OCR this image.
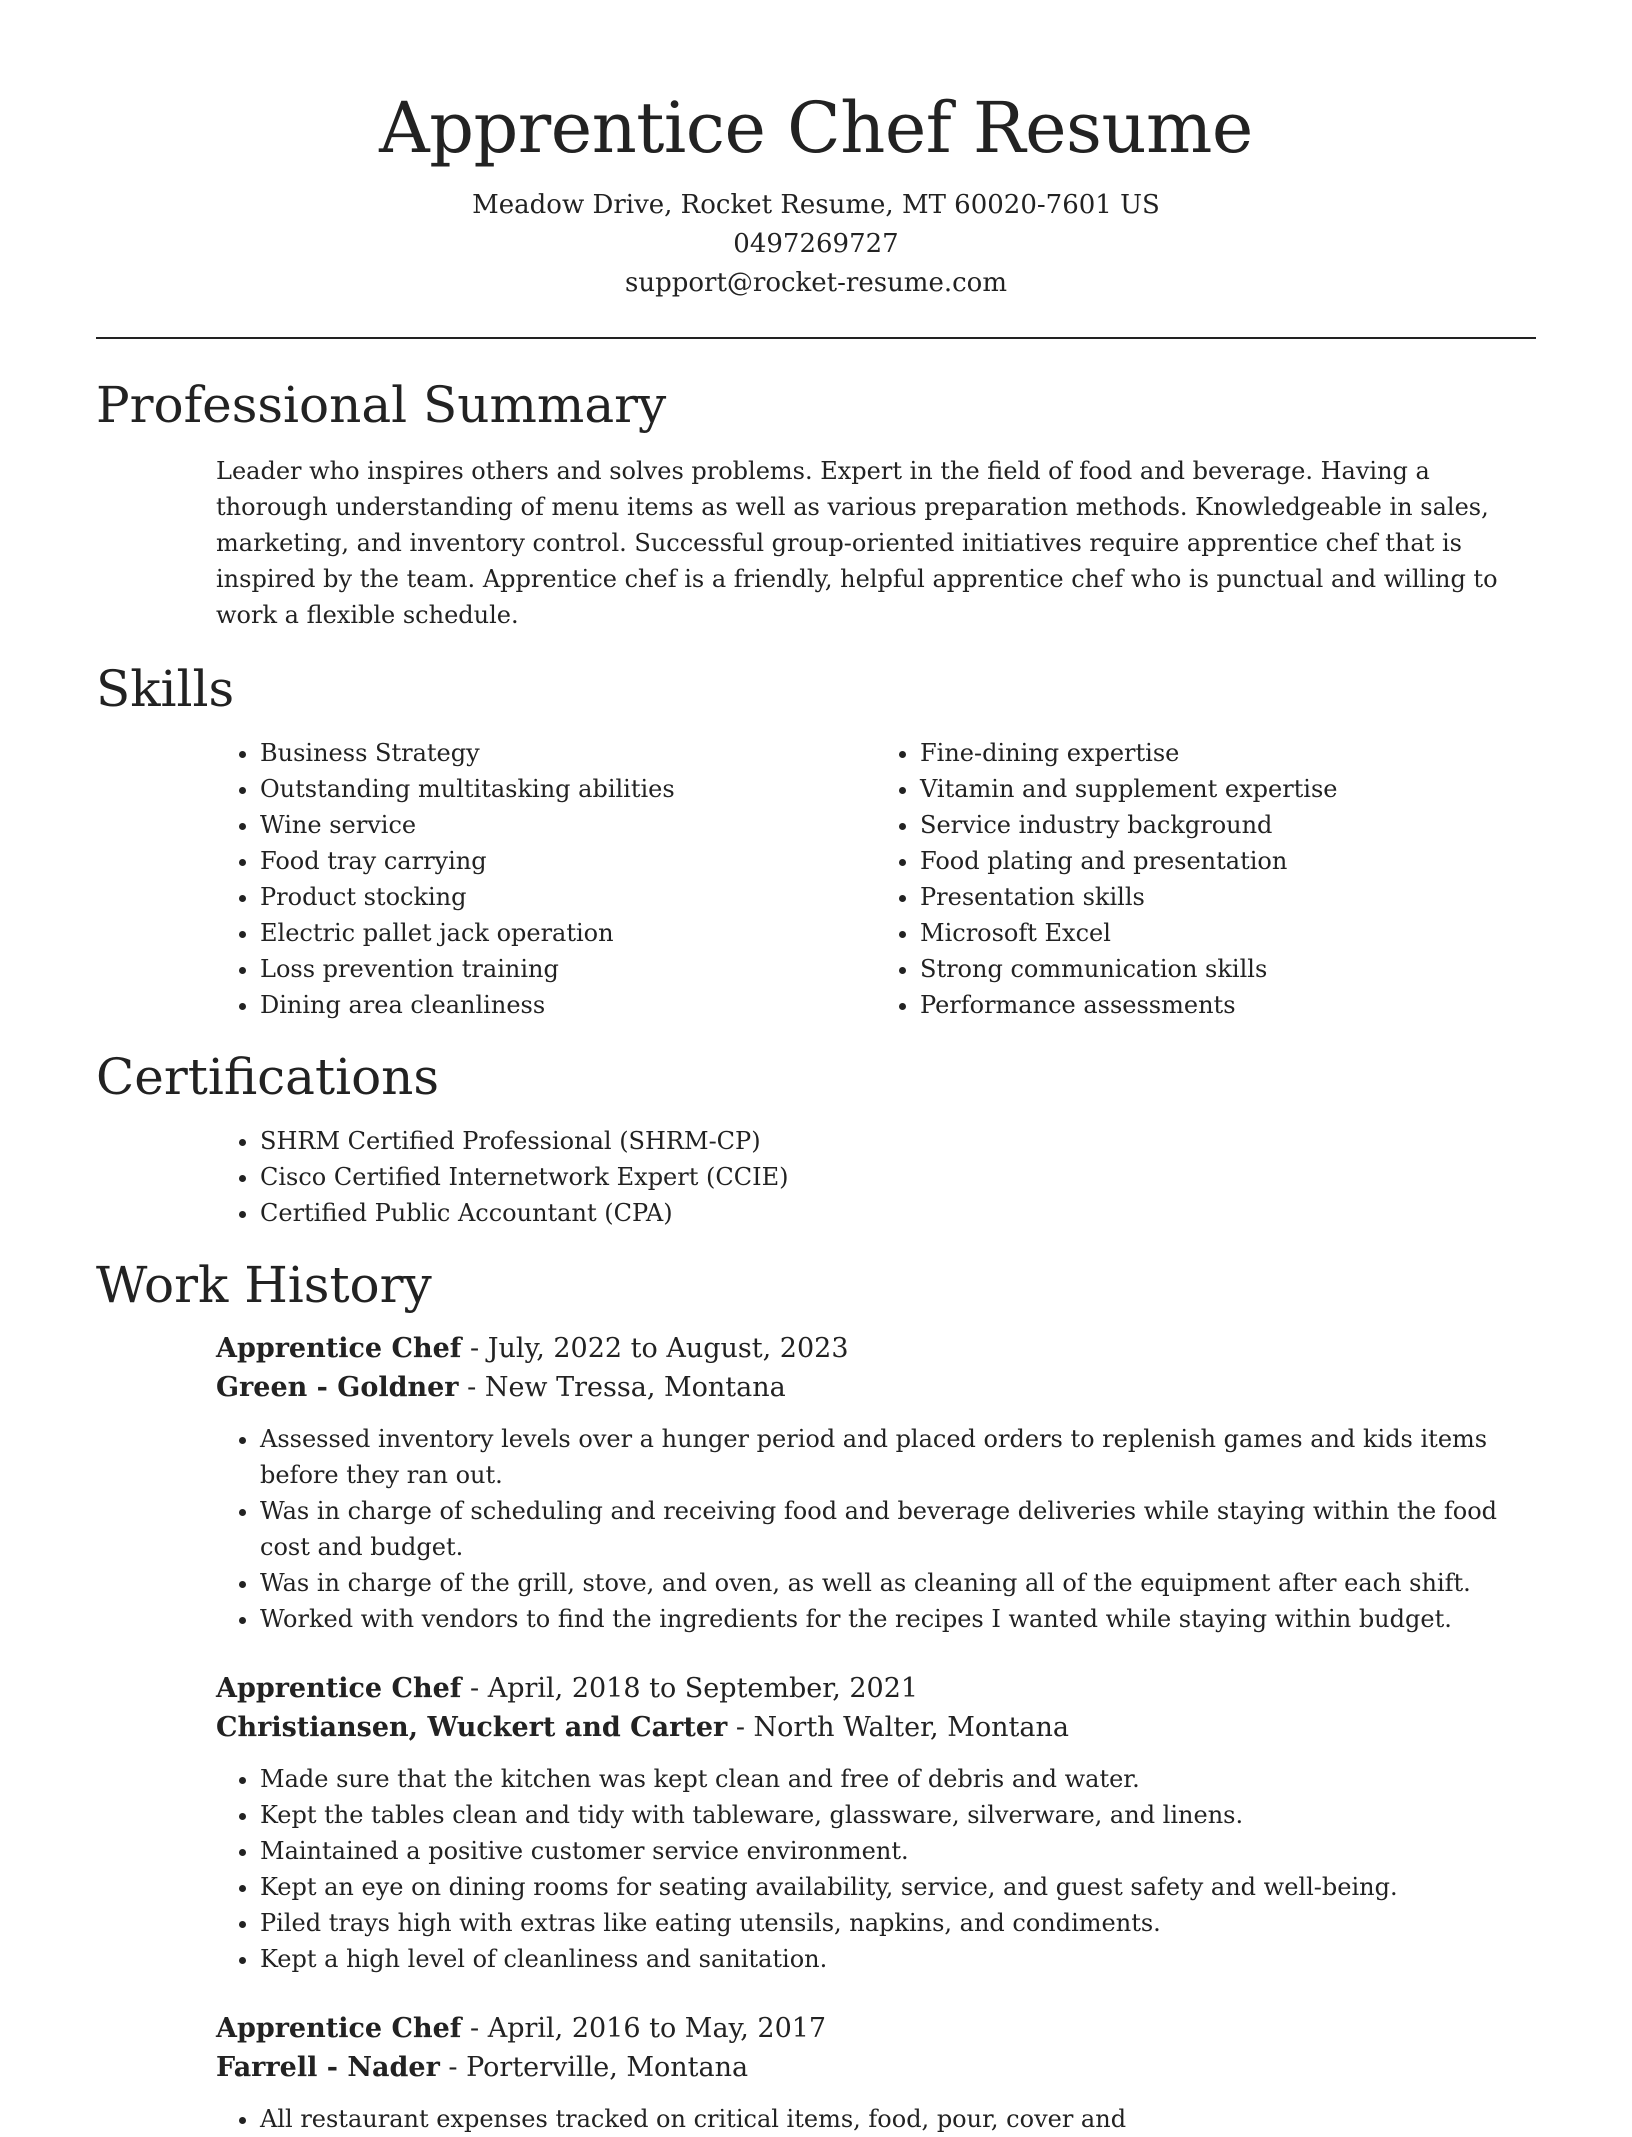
Apprentice Chef Resume
Meadow Drive, Rocket Resume, MT 60020-7601 US
0497269727
support@rocket-resume.com
Professional Summary

Leader who inspires others and solves problems. Expert in the field of food and beverage. Having a thorough understanding of menu items as well as various preparation methods. Knowledgeable in sales, marketing, and inventory control. Successful group-oriented initiatives require apprentice chef that is inspired by the team. Apprentice chef is a friendly, helpful apprentice chef who is punctual and willing to work a flexible schedule.

Skills
• Business Strategy
• Outstanding multitasking abilities
• Wine service
• Food tray carrying
• Product stocking
• Electric pallet jack operation
• Loss prevention training
• Dining area cleanliness
• Fine-dining expertise
• Vitamin and supplement expertise
• Service industry background
• Food plating and presentation
• Presentation skills
• Microsoft Excel
• Strong communication skills
• Performance assessments
Certifications
• SHRM Certified Professional (SHRM-CP)
• Cisco Certified Internetwork Expert (CCIE)
• Certified Public Accountant (CPA)
Work History
Apprentice Chef - July, 2022 to August, 2023
Green - Goldner - New Tressa, Montana
• Assessed inventory levels over a hunger period and placed orders to replenish games and kids items before they ran out.
• Was in charge of scheduling and receiving food and beverage deliveries while staying within the food cost and budget.
• Was in charge of the grill, stove, and oven, as well as cleaning all of the equipment after each shift.
• Worked with vendors to find the ingredients for the recipes I wanted while staying within budget.
Apprentice Chef - April, 2018 to September, 2021
Christiansen, Wuckert and Carter - North Walter, Montana
• Made sure that the kitchen was kept clean and free of debris and water.
• Kept the tables clean and tidy with tableware, glassware, silverware, and linens.
• Maintained a positive customer service environment.
• Kept an eye on dining rooms for seating availability, service, and guest safety and well-being.
• Piled trays high with extras like eating utensils, napkins, and condiments.
• Kept a high level of cleanliness and sanitation.
Apprentice Chef - April, 2016 to May, 2017
Farrell - Nader - Porterville, Montana
• All restaurant expenses tracked on critical items, food, pour, cover and
